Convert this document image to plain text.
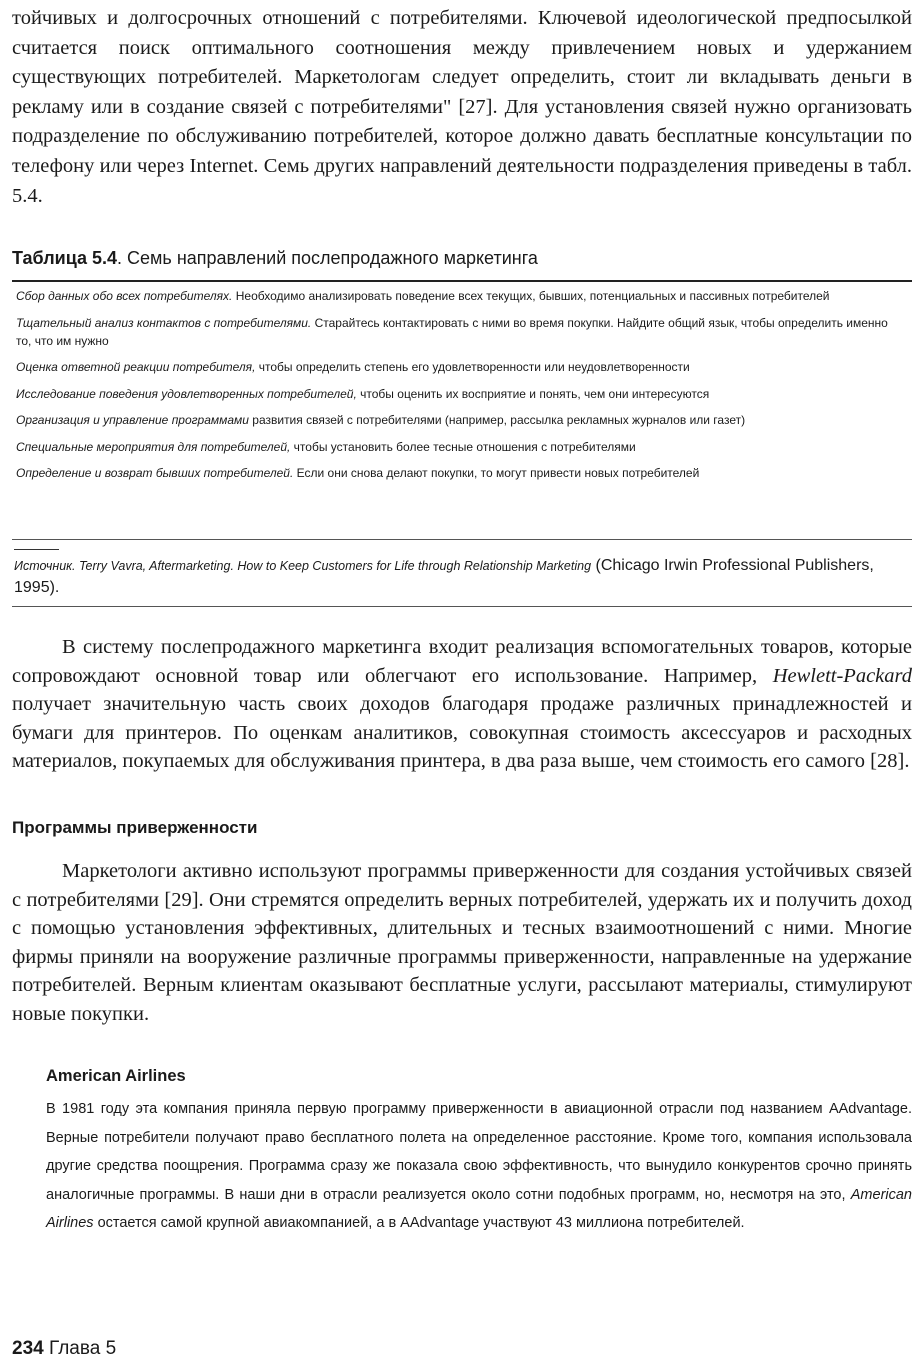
тойчивых и долгосрочных отношений с потребителями. Ключевой идеологической предпосылкой считается поиск оптимального соотношения между привлечением новых и удержанием существующих потребителей. Маркетологам следует определить, стоит ли вкладывать деньги в рекламу или в создание связей с потребителями" [27]. Для установления связей нужно организовать подразделение по обслуживанию потребителей, которое должно давать бесплатные консультации по телефону или через Internet. Семь других направлений деятельности подразделения приведены в табл. 5.4.

Таблица 5.4. Семь направлений послепродажного маркетинга
Сбор данных обо всех потребителях. Необходимо анализировать поведение всех текущих, бывших, потенциальных и пассивных потребителей
Тщательный анализ контактов с потребителями. Старайтесь контактировать с ними во время покупки. Найдите общий язык, чтобы определить именно то, что им нужно
Оценка ответной реакции потребителя, чтобы определить степень его удовлетворенности или неудовлетворенности
Исследование поведения удовлетворенных потребителей, чтобы оценить их восприятие и понять, чем они интересуются
Организация и управление программами развития связей с потребителями (например, рассылка рекламных журналов или газет)
Специальные мероприятия для потребителей, чтобы установить более тесные отношения с потребителями
Определение и возврат бывших потребителей. Если они снова делают покупки, то могут привести новых потребителей
Источник. Terry Vavra, Aftermarketing. How to Keep Customers for Life through Relationship Marketing (Chicago Irwin Professional Publishers, 1995).

В систему послепродажного маркетинга входит реализация вспомогательных товаров, которые сопровождают основной товар или облегчают его использование. Например, Hewlett-Packard получает значительную часть своих доходов благодаря продаже различных принадлежностей и бумаги для принтеров. По оценкам аналитиков, совокупная стоимость аксессуаров и расходных материалов, покупаемых для обслуживания принтера, в два раза выше, чем стоимость его самого [28].

Программы приверженности

Маркетологи активно используют программы приверженности для создания устойчивых связей с потребителями [29]. Они стремятся определить верных потребителей, удержать их и получить доход с помощью установления эффективных, длительных и тесных взаимоотношений с ними. Многие фирмы приняли на вооружение различные программы приверженности, направленные на удержание потребителей. Верным клиентам оказывают бесплатные услуги, рассылают материалы, стимулируют новые покупки.

American Airlines

В 1981 году эта компания приняла первую программу приверженности в авиационной отрасли под названием AAdvantage. Верные потребители получают право бесплатного полета на определенное расстояние. Кроме того, компания использовала другие средства поощрения. Программа сразу же показала свою эффективность, что вынудило конкурентов срочно принять аналогичные программы. В наши дни в отрасли реализуется около сотни подобных программ, но, несмотря на это, American Airlines остается самой крупной авиакомпанией, а в AAdvantage участвуют 43 миллиона потребителей.

234 Глава 5
